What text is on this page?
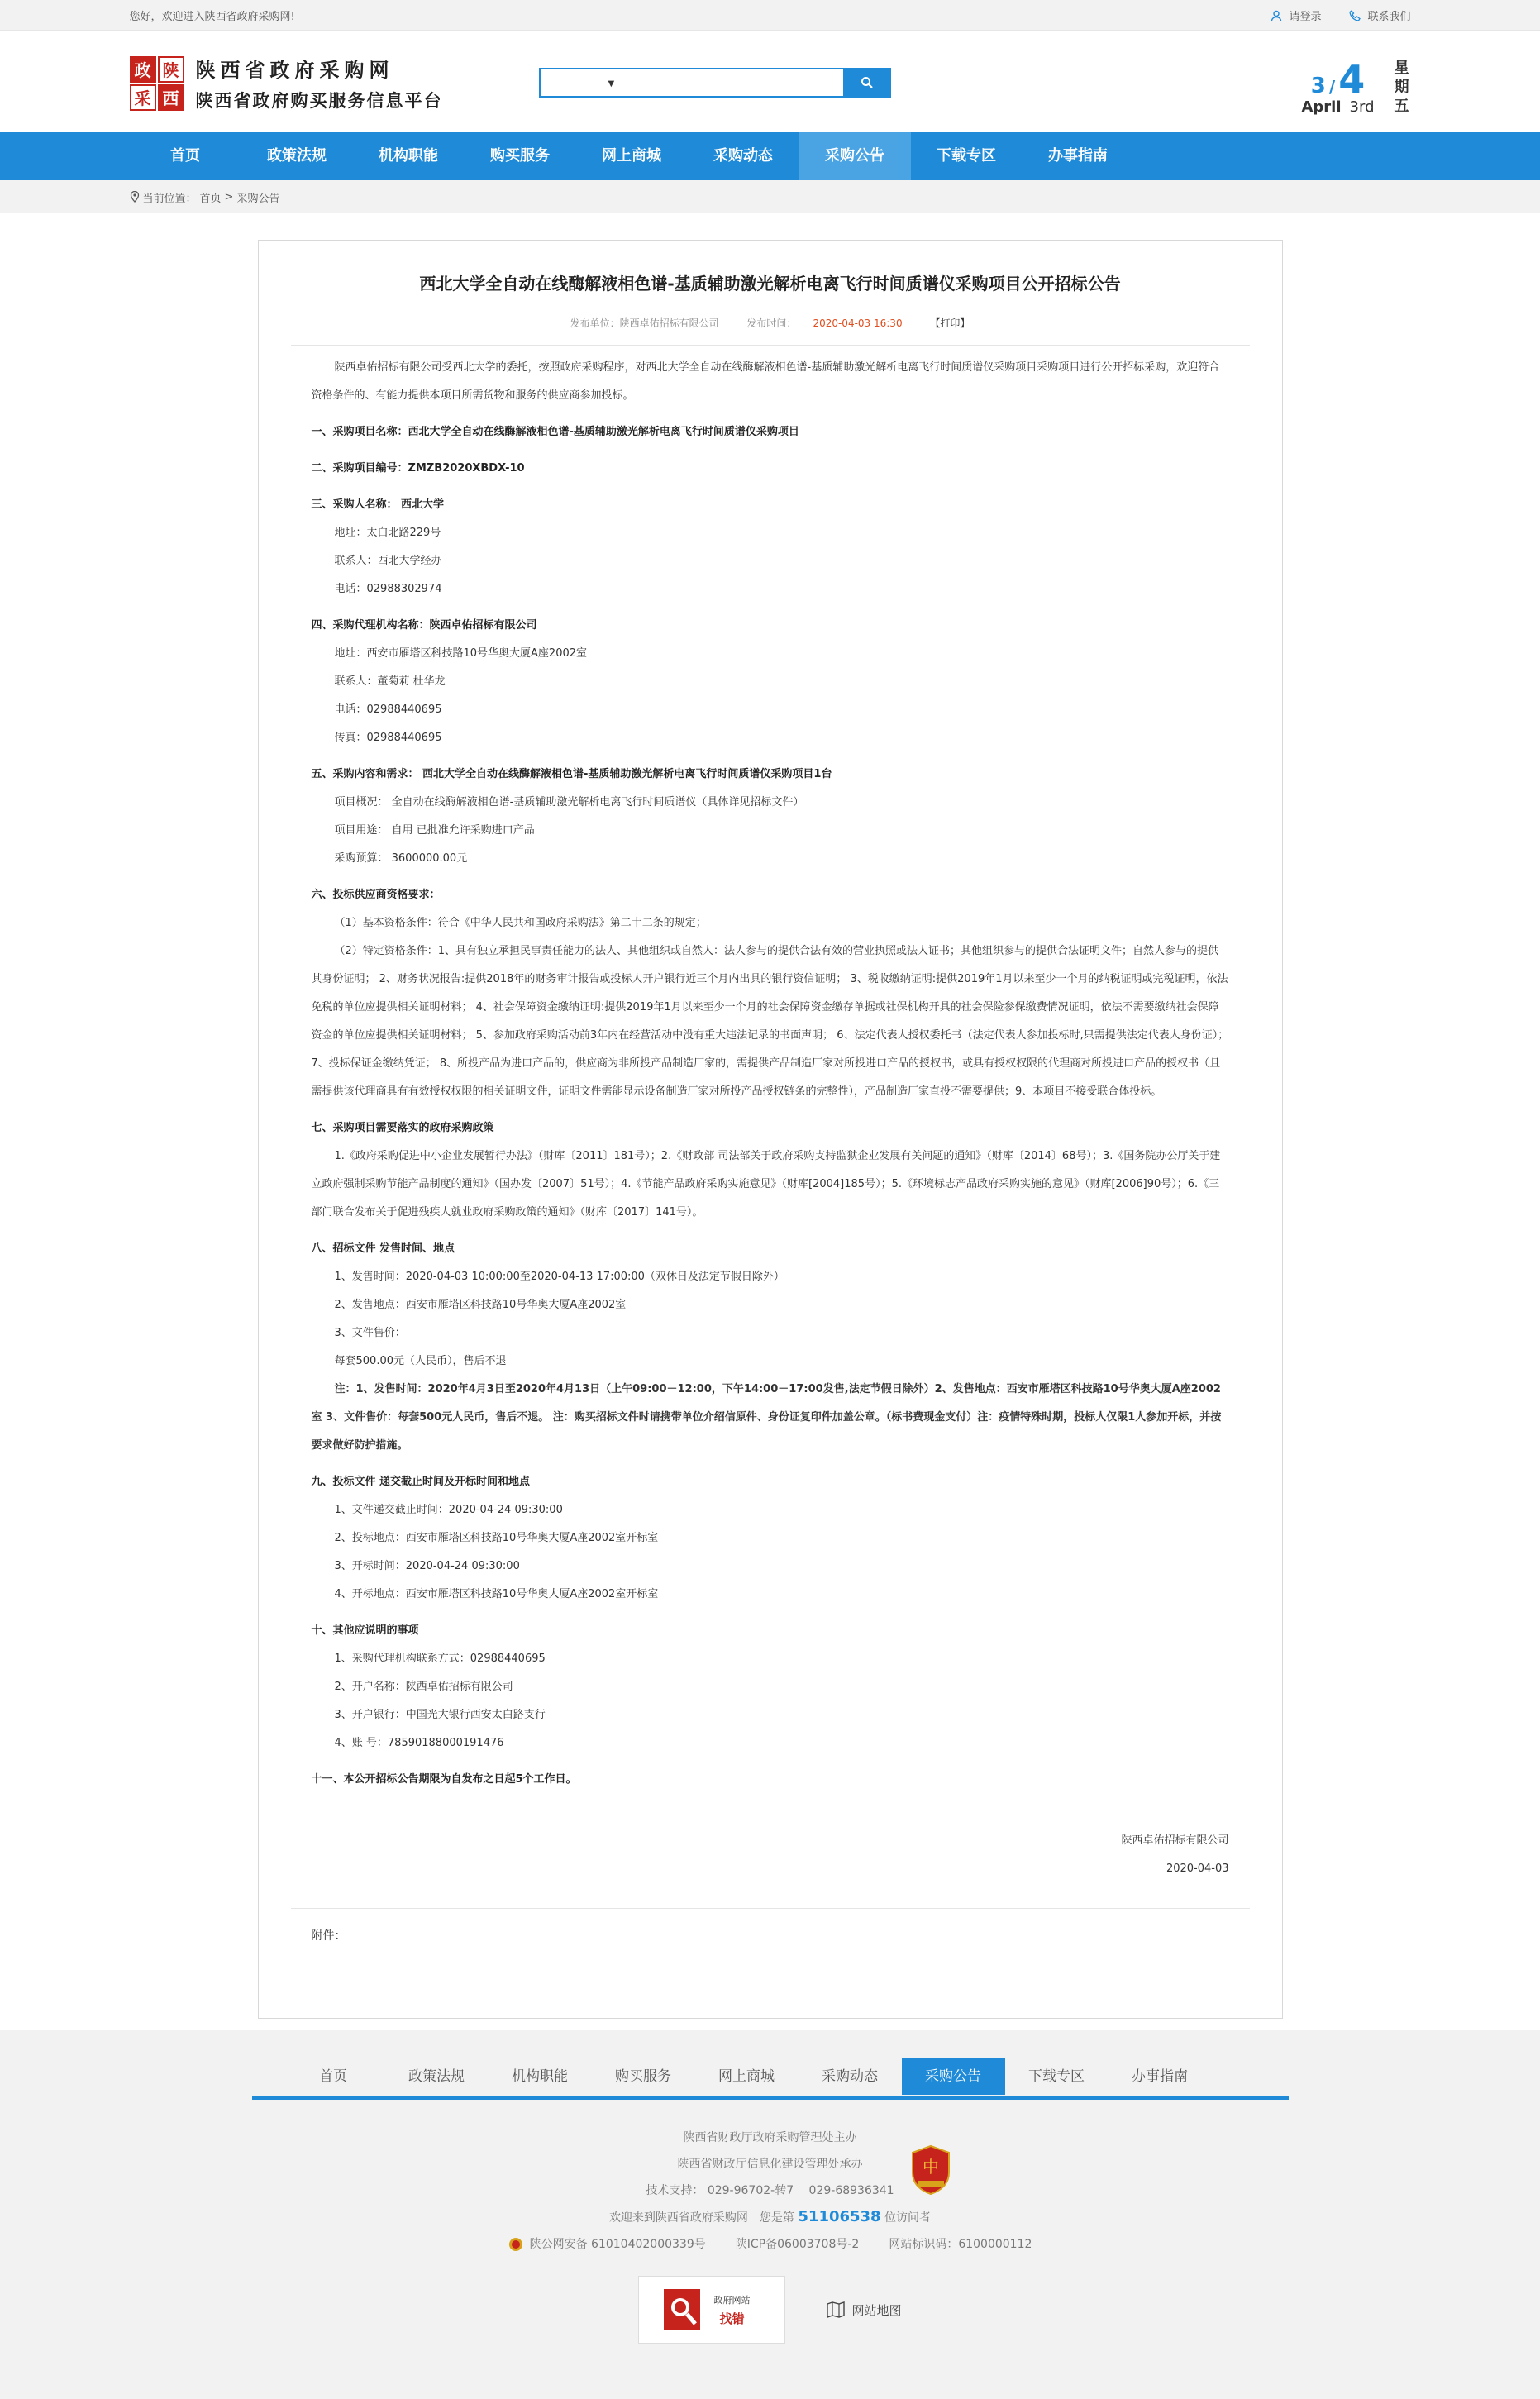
您好，欢迎进入陕西省政府采购网!	请登录	联系我们
政 陕
采 西
陕西省政府采购网
陕西省政府购买服务信息平台
▼	3 /4
April 3rd
星
期
五
首页	政策法规	机构职能	购买服务	网上商城	采购动态	采购公告	下载专区	办事指南
当前位置： 首页 > 采购公告
西北大学全自动在线酶解液相色谱-基质辅助激光解析电离飞行时间质谱仪采购项目公开招标公告
发布单位：陕西卓佑招标有限公司	发布时间： 2020-04-03 16:30	【打印】

陕西卓佑招标有限公司受西北大学的委托，按照政府采购程序，对西北大学全自动在线酶解液相色谱-基质辅助激光解析电离飞行时间质谱仪采购项目采购项目进行公开招标采购，欢迎符合资格条件的、有能力提供本项目所需货物和服务的供应商参加投标。

一、采购项目名称：西北大学全自动在线酶解液相色谱-基质辅助激光解析电离飞行时间质谱仪采购项目

二、采购项目编号：ZMZB2020XBDX-10

三、采购人名称： 西北大学

地址：太白北路229号

联系人：西北大学经办

电话：02988302974

四、采购代理机构名称：陕西卓佑招标有限公司

地址：西安市雁塔区科技路10号华奥大厦A座2002室

联系人：董菊莉 杜华龙

电话：02988440695

传真：02988440695

五、采购内容和需求： 西北大学全自动在线酶解液相色谱-基质辅助激光解析电离飞行时间质谱仪采购项目1台

项目概况： 全自动在线酶解液相色谱-基质辅助激光解析电离飞行时间质谱仪（具体详见招标文件）

项目用途： 自用 已批准允许采购进口产品

采购预算： 3600000.00元

六、投标供应商资格要求：

（1）基本资格条件：符合《中华人民共和国政府采购法》第二十二条的规定；

（2）特定资格条件：1、具有独立承担民事责任能力的法人、其他组织或自然人：法人参与的提供合法有效的营业执照或法人证书；其他组织参与的提供合法证明文件；自然人参与的提供其身份证明； 2、财务状况报告:提供2018年的财务审计报告或投标人开户银行近三个月内出具的银行资信证明； 3、税收缴纳证明:提供2019年1月以来至少一个月的纳税证明或完税证明，依法免税的单位应提供相关证明材料； 4、社会保障资金缴纳证明:提供2019年1月以来至少一个月的社会保障资金缴存单据或社保机构开具的社会保险参保缴费情况证明，依法不需要缴纳社会保障资金的单位应提供相关证明材料； 5、参加政府采购活动前3年内在经营活动中没有重大违法记录的书面声明； 6、法定代表人授权委托书（法定代表人参加投标时,只需提供法定代表人身份证）；7、投标保证金缴纳凭证； 8、所投产品为进口产品的，供应商为非所投产品制造厂家的，需提供产品制造厂家对所投进口产品的授权书，或具有授权权限的代理商对所投进口产品的授权书（且需提供该代理商具有有效授权权限的相关证明文件，证明文件需能显示设备制造厂家对所投产品授权链条的完整性），产品制造厂家直投不需要提供；9、本项目不接受联合体投标。

七、采购项目需要落实的政府采购政策

1.《政府采购促进中小企业发展暂行办法》（财库〔2011〕181号）；2.《财政部 司法部关于政府采购支持监狱企业发展有关问题的通知》（财库〔2014〕68号）；3.《国务院办公厅关于建立政府强制采购节能产品制度的通知》（国办发〔2007〕51号）；4.《节能产品政府采购实施意见》（财库[2004]185号）；5.《环境标志产品政府采购实施的意见》（财库[2006]90号）；6.《三部门联合发布关于促进残疾人就业政府采购政策的通知》（财库〔2017〕141号）。

八、招标文件 发售时间、地点

1、发售时间：2020-04-03 10:00:00至2020-04-13 17:00:00（双休日及法定节假日除外）

2、发售地点：西安市雁塔区科技路10号华奥大厦A座2002室

3、文件售价：

每套500.00元（人民币），售后不退

注：1、发售时间：2020年4月3日至2020年4月13日（上午09:00－12:00，下午14:00－17:00发售,法定节假日除外）2、发售地点：西安市雁塔区科技路10号华奥大厦A座2002室 3、文件售价：每套500元人民币，售后不退。 注：购买招标文件时请携带单位介绍信原件、身份证复印件加盖公章。（标书费现金支付）注：疫情特殊时期，投标人仅限1人参加开标，并按要求做好防护措施。

九、投标文件 递交截止时间及开标时间和地点

1、文件递交截止时间：2020-04-24 09:30:00

2、投标地点：西安市雁塔区科技路10号华奥大厦A座2002室开标室

3、开标时间：2020-04-24 09:30:00

4、开标地点：西安市雁塔区科技路10号华奥大厦A座2002室开标室

十、其他应说明的事项

1、采购代理机构联系方式：02988440695

2、开户名称：陕西卓佑招标有限公司

3、开户银行：中国光大银行西安太白路支行

4、账 号：78590188000191476

十一、本公开招标公告期限为自发布之日起5个工作日。

陕西卓佑招标有限公司
2020-04-03
附件：
首页	政策法规	机构职能	购买服务	网上商城	采购动态	采购公告	下载专区	办事指南
陕西省财政厅政府采购管理处主办
陕西省财政厅信息化建设管理处承办
技术支持： 029-96702-转7　 029-68936341
欢迎来到陕西省政府采购网　您是第 51106538 位访问者
陕公网安备 61010402000339号	陕ICP备06003708号-2	网站标识码：6100000112
中
政府网站
找错
网站地图
